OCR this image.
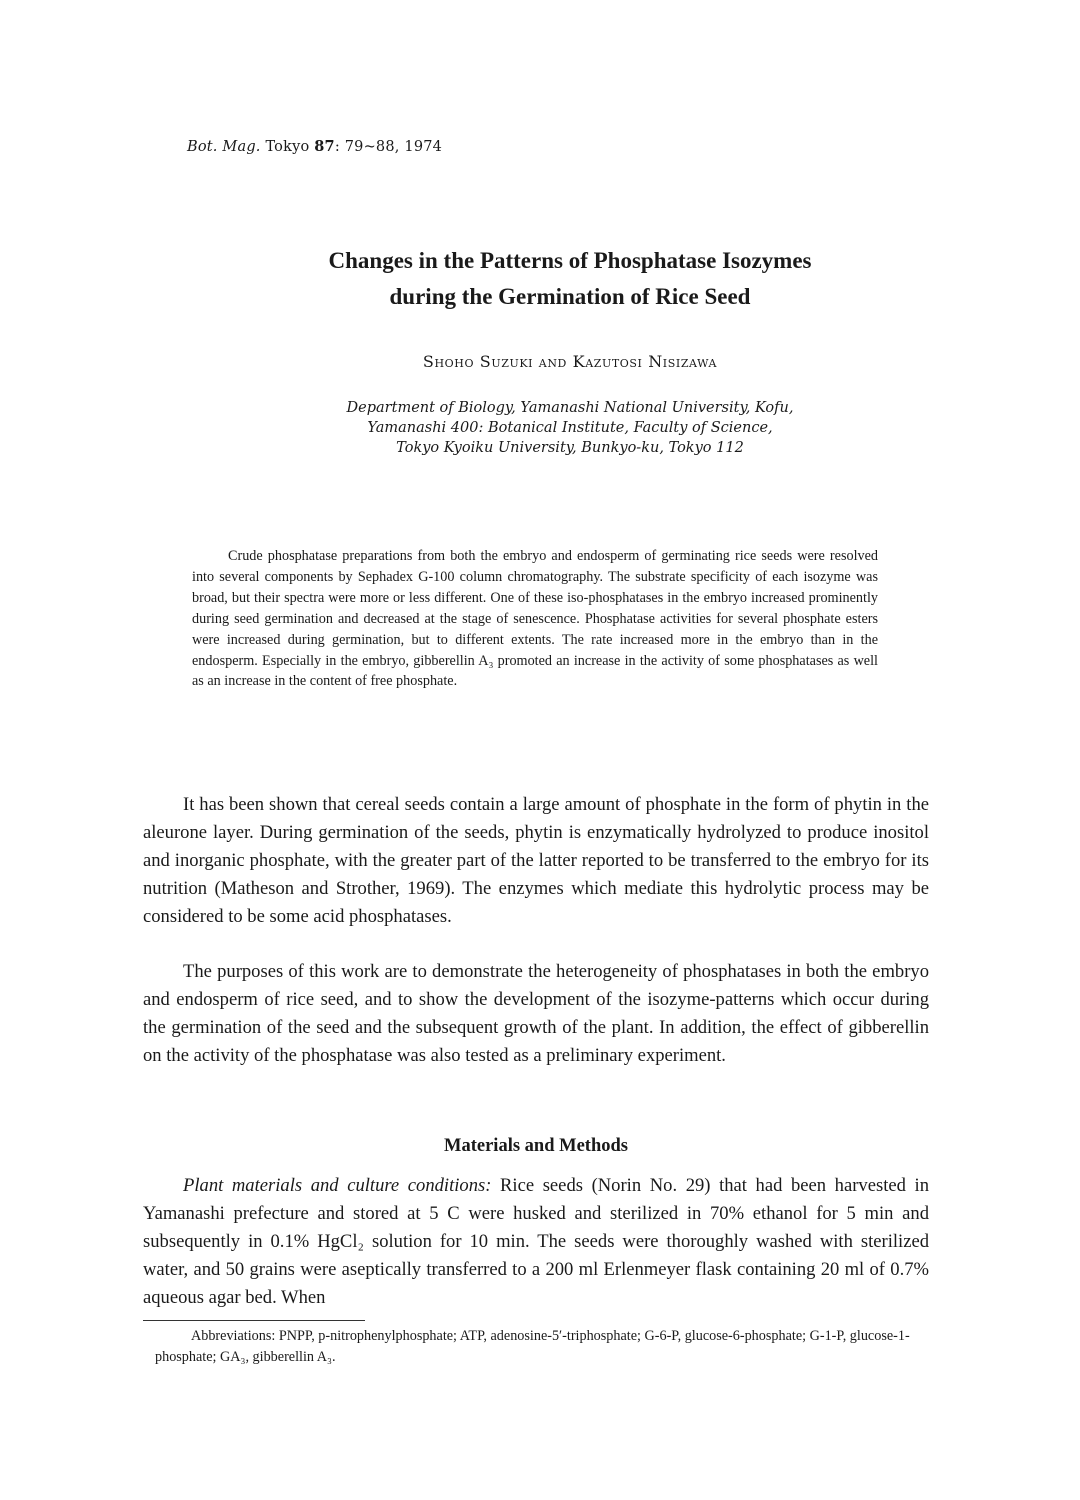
Bot. Mag. Tokyo 87: 79~88, 1974
Changes in the Patterns of Phosphatase Isozymes
during the Germination of Rice Seed
Shoho Suzuki and Kazutosi Nisizawa
Department of Biology, Yamanashi National University, Kofu,
Yamanashi 400: Botanical Institute, Faculty of Science,
Tokyo Kyoiku University, Bunkyo-ku, Tokyo 112
Crude phosphatase preparations from both the embryo and endosperm of germinating rice seeds were resolved into several components by Sephadex G-100 column chromatography. The substrate specificity of each isozyme was broad, but their spectra were more or less different. One of these iso-phosphatases in the embryo increased prominently during seed germination and decreased at the stage of senescence. Phosphatase activities for several phosphate esters were increased during germination, but to different extents. The rate increased more in the embryo than in the endosperm. Especially in the embryo, gibberellin A₃ promoted an increase in the activity of some phosphatases as well as an increase in the content of free phosphate.

It has been shown that cereal seeds contain a large amount of phosphate in the form of phytin in the aleurone layer. During germination of the seeds, phytin is enzymatically hydrolyzed to produce inositol and inorganic phosphate, with the greater part of the latter reported to be transferred to the embryo for its nutrition (Matheson and Strother, 1969). The enzymes which mediate this hydrolytic process may be considered to be some acid phosphatases.

The purposes of this work are to demonstrate the heterogeneity of phosphatases in both the embryo and endosperm of rice seed, and to show the development of the isozyme-patterns which occur during the germination of the seed and the subsequent growth of the plant. In addition, the effect of gibberellin on the activity of the phosphatase was also tested as a preliminary experiment.

Materials and Methods

Plant materials and culture conditions: Rice seeds (Norin No. 29) that had been harvested in Yamanashi prefecture and stored at 5 C were husked and sterilized in 70% ethanol for 5 min and subsequently in 0.1% HgCl₂ solution for 10 min. The seeds were thoroughly washed with sterilized water, and 50 grains were aseptically transferred to a 200 ml Erlenmeyer flask containing 20 ml of 0.7% aqueous agar bed. When

Abbreviations: PNPP, p-nitrophenylphosphate; ATP, adenosine-5′-triphosphate; G-6-P, glucose-6-phosphate; G-1-P, glucose-1-phosphate; GA₃, gibberellin A₃.
